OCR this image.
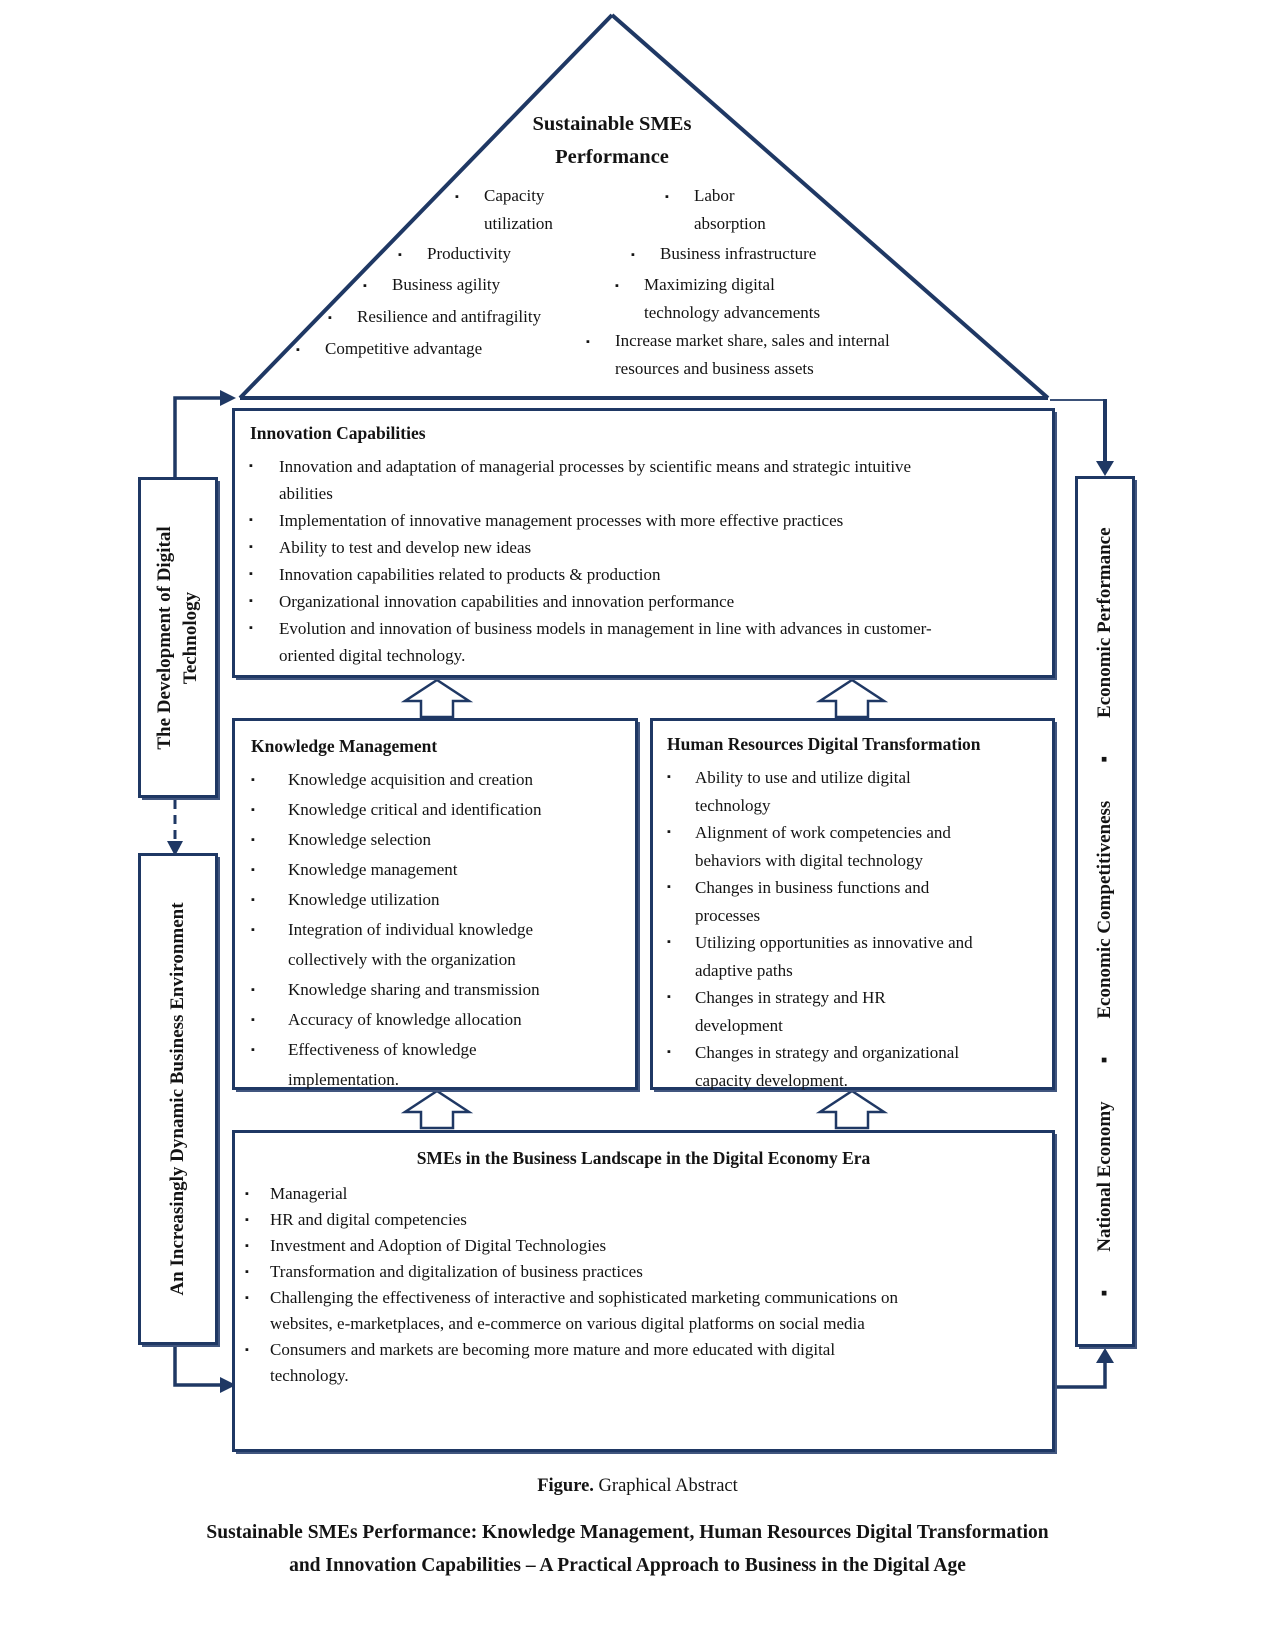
Sustainable SMEs
Performance
▪	Capacity utilization
▪	Productivity
▪	Business agility
▪	Resilience and antifragility
▪	Competitive advantage
▪	Labor absorption
▪	Business infrastructure
▪	Maximizing digital technology advancements
▪	Increase market share, sales and internal resources and business assets
Innovation Capabilities
▪	Innovation and adaptation of managerial processes by scientific means and strategic intuitive abilities
▪	Implementation of innovative management processes with more effective practices
▪	Ability to test and develop new ideas
▪	Innovation capabilities related to products & production
▪	Organizational innovation capabilities and innovation performance
▪	Evolution and innovation of business models in management in line with advances in customer-oriented digital technology.
Knowledge Management
▪	Knowledge acquisition and creation
▪	Knowledge critical and identification
▪	Knowledge selection
▪	Knowledge management
▪	Knowledge utilization
▪	Integration of individual knowledge collectively with the organization
▪	Knowledge sharing and transmission
▪	Accuracy of knowledge allocation
▪	Effectiveness of knowledge implementation.
Human Resources Digital Transformation
▪	Ability to use and utilize digital technology
▪	Alignment of work competencies and behaviors with digital technology
▪	Changes in business functions and processes
▪	Utilizing opportunities as innovative and adaptive paths
▪	Changes in strategy and HR development
▪	Changes in strategy and organizational capacity development.
SMEs in the Business Landscape in the Digital Economy Era
▪	Managerial
▪	HR and digital competencies
▪	Investment and Adoption of Digital Technologies
▪	Transformation and digitalization of business practices
▪	Challenging the effectiveness of interactive and sophisticated marketing communications on websites, e-marketplaces, and e-commerce on various digital platforms on social media
▪	Consumers and markets are becoming more mature and more educated with digital technology.
The Development of Digital Technology
An Increasingly Dynamic Business Environment	▪  National Economy  ▪  Economic Competitiveness  ▪  Economic Performance
Figure. Graphical Abstract
Sustainable SMEs Performance: Knowledge Management, Human Resources Digital Transformation
and Innovation Capabilities – A Practical Approach to Business in the Digital Age
